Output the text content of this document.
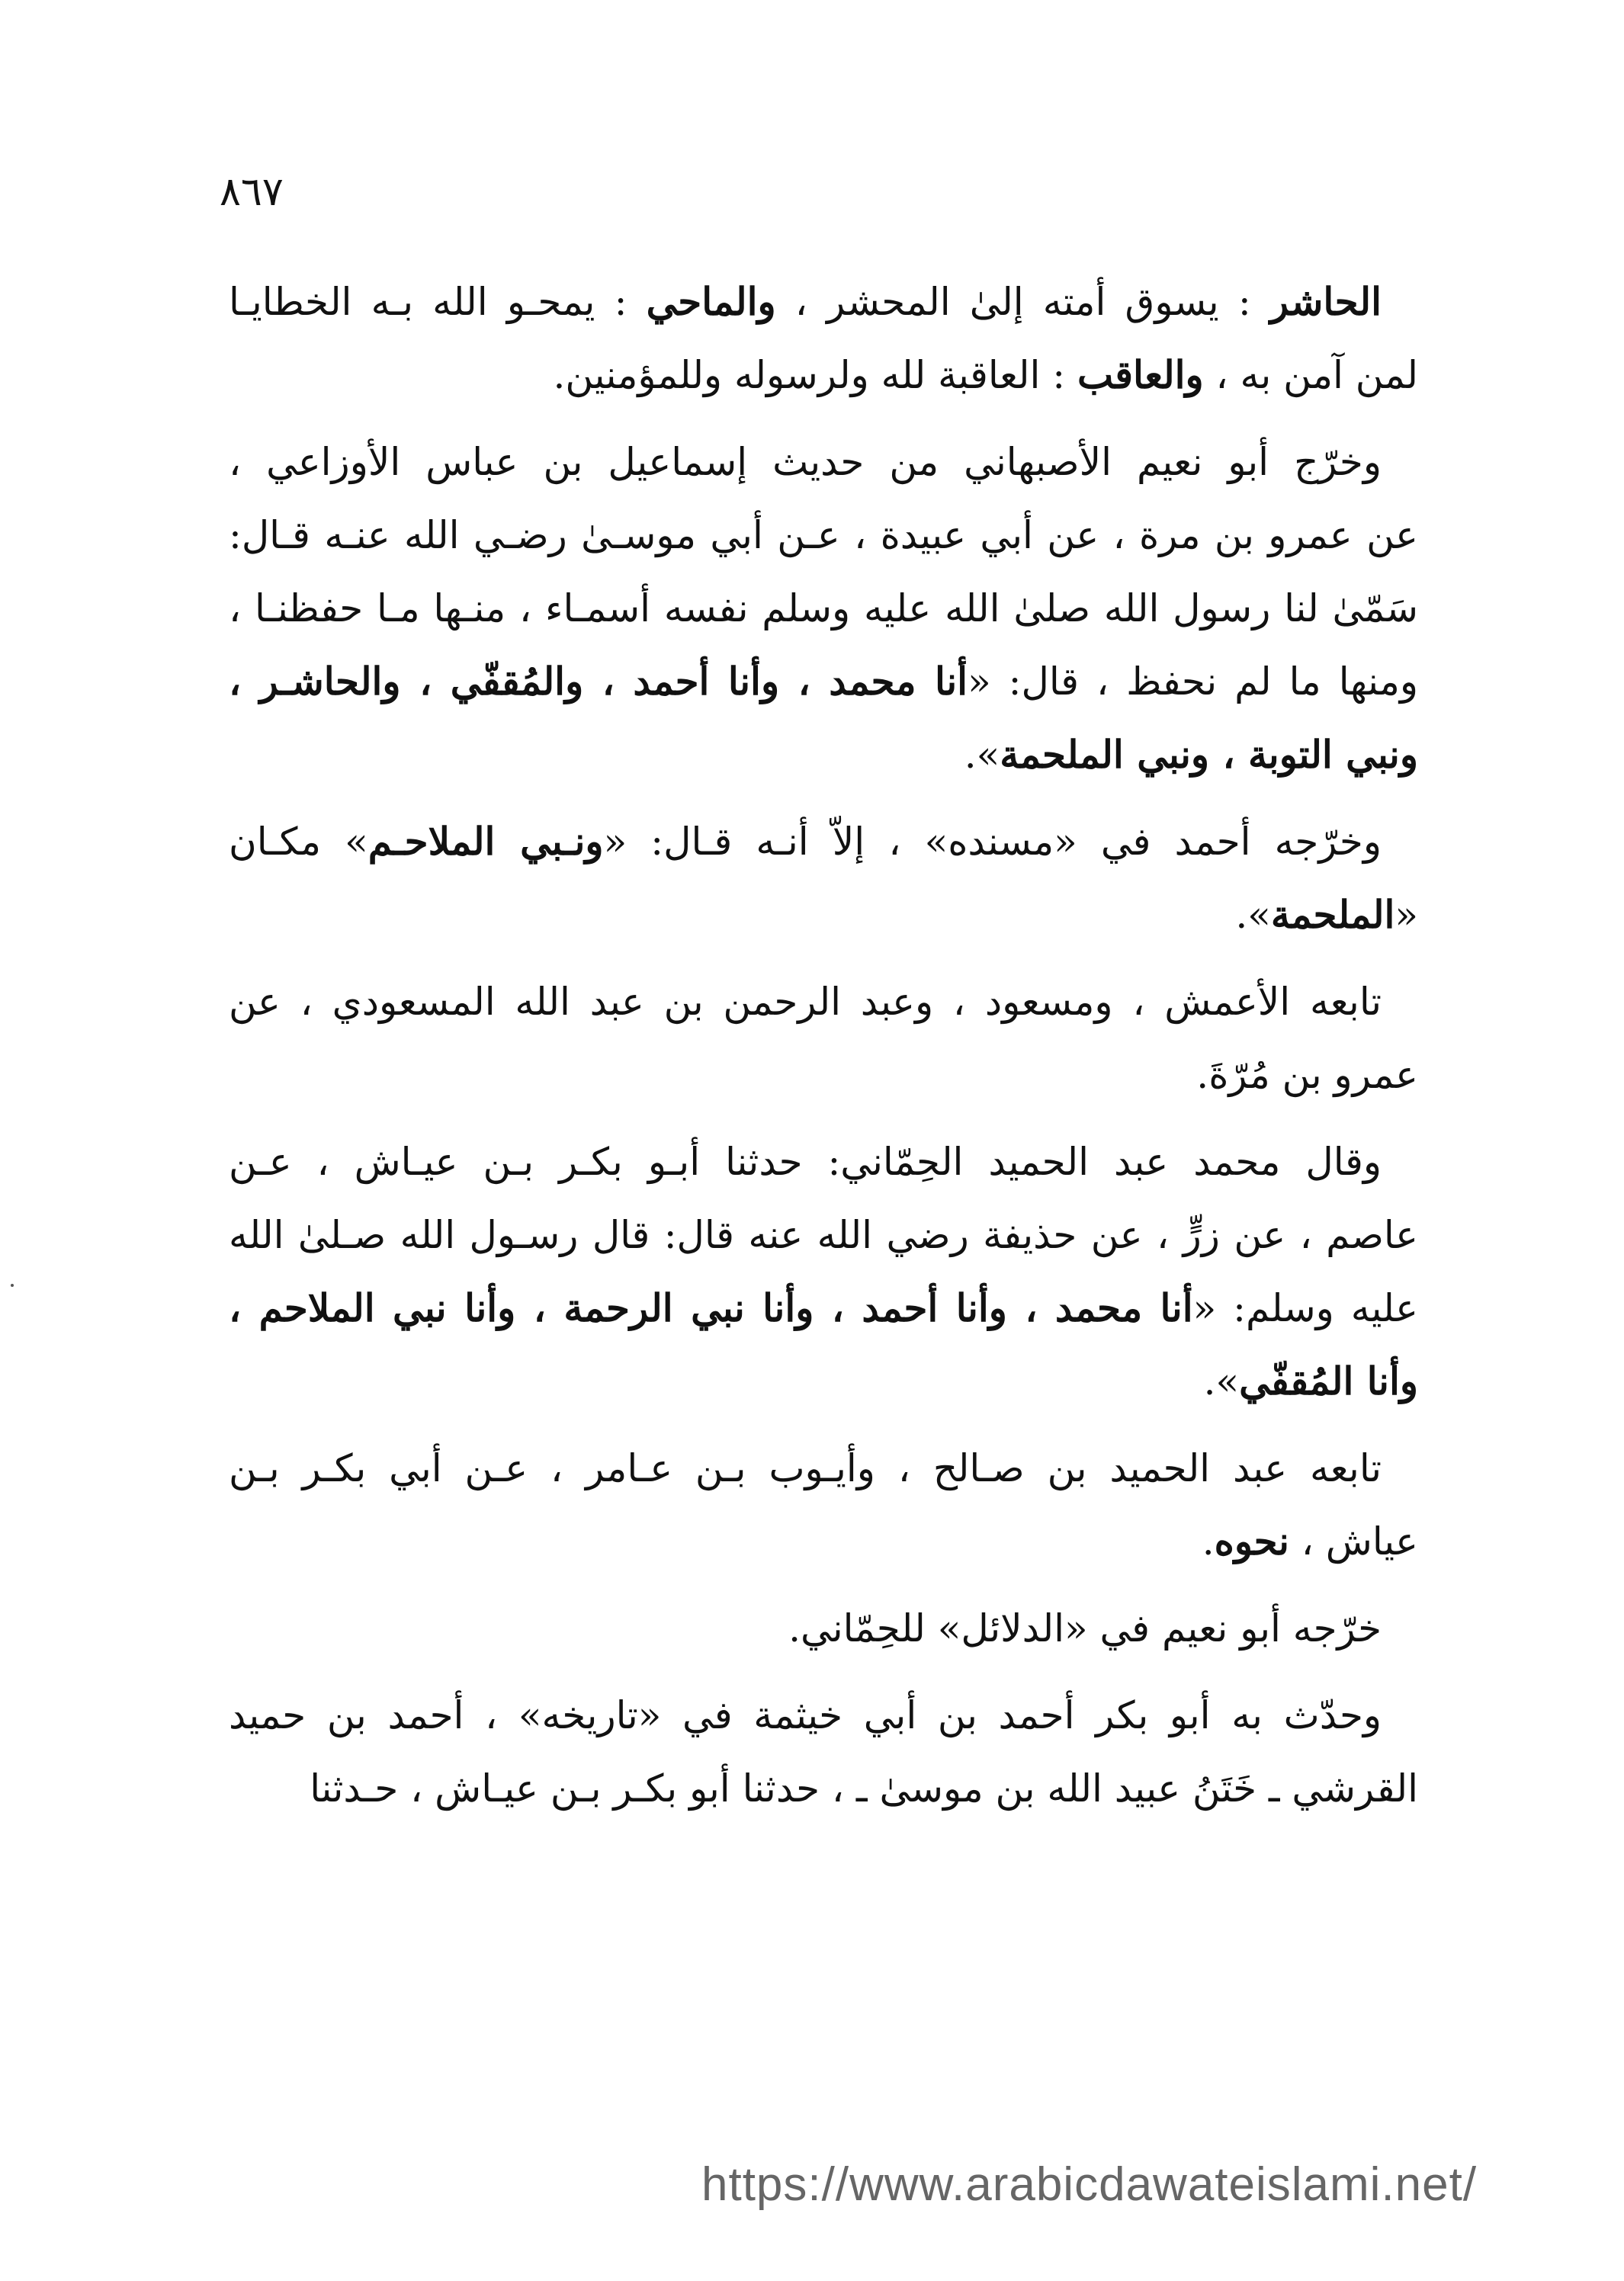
٨٦٧
الحاشر : يسوق أمته إلىٰ المحشر ، والماحي : يمحـو الله بـه الخطايـا
لمن آمن به ، والعاقب : العاقبة لله ولرسوله وللمؤمنين.
وخرّج أبو نعيم الأصبهاني من حديث إسماعيل بن عباس الأوزاعي ،
عن عمرو بن مرة ، عن أبي عبيدة ، عـن أبي موسـىٰ رضـي الله عنـه قـال:
سَمّىٰ لنا رسول الله صلىٰ الله عليه وسلم نفسه أسمـاء ، منـها مـا حفظنـا ،
ومنها ما لم نحفظ ، قال: «أنا محمد ، وأنا أحمد ، والمُقفّي ، والحاشـر ،
ونبي التوبة ، ونبي الملحمة».
وخرّجه أحمد في «مسنده» ، إلاّ أنـه قـال: «ونـبي الملاحـم» مكـان
«الملحمة».
تابعه الأعمش ، ومسعود ، وعبد الرحمن بن عبد الله المسعودي ، عن
عمرو بن مُرّةَ.
وقال محمد عبد الحميد الحِمّاني: حدثنا أبـو بكـر بـن عيـاش ، عـن
عاصم ، عن زرٍّ ، عن حذيفة رضي الله عنه قال: قال رسـول الله صـلىٰ الله
عليه وسلم: «أنا محمد ، وأنا أحمد ، وأنا نبي الرحمة ، وأنا نبي الملاحم ،
وأنا المُقفّي».
تابعه عبد الحميد بن صـالح ، وأيـوب بـن عـامر ، عـن أبي بكـر بـن
عياش ، نحوه.
خرّجه أبو نعيم في «الدلائل» للحِمّاني.
وحدّث به أبو بكر أحمد بن أبي خيثمة في «تاريخه» ، أحمد بن حميد
القرشي ـ خَتَنُ عبيد الله بن موسىٰ ـ ، حدثنا أبو بكـر بـن عيـاش ، حـدثنا
https://www.arabicdawateislami.net/
